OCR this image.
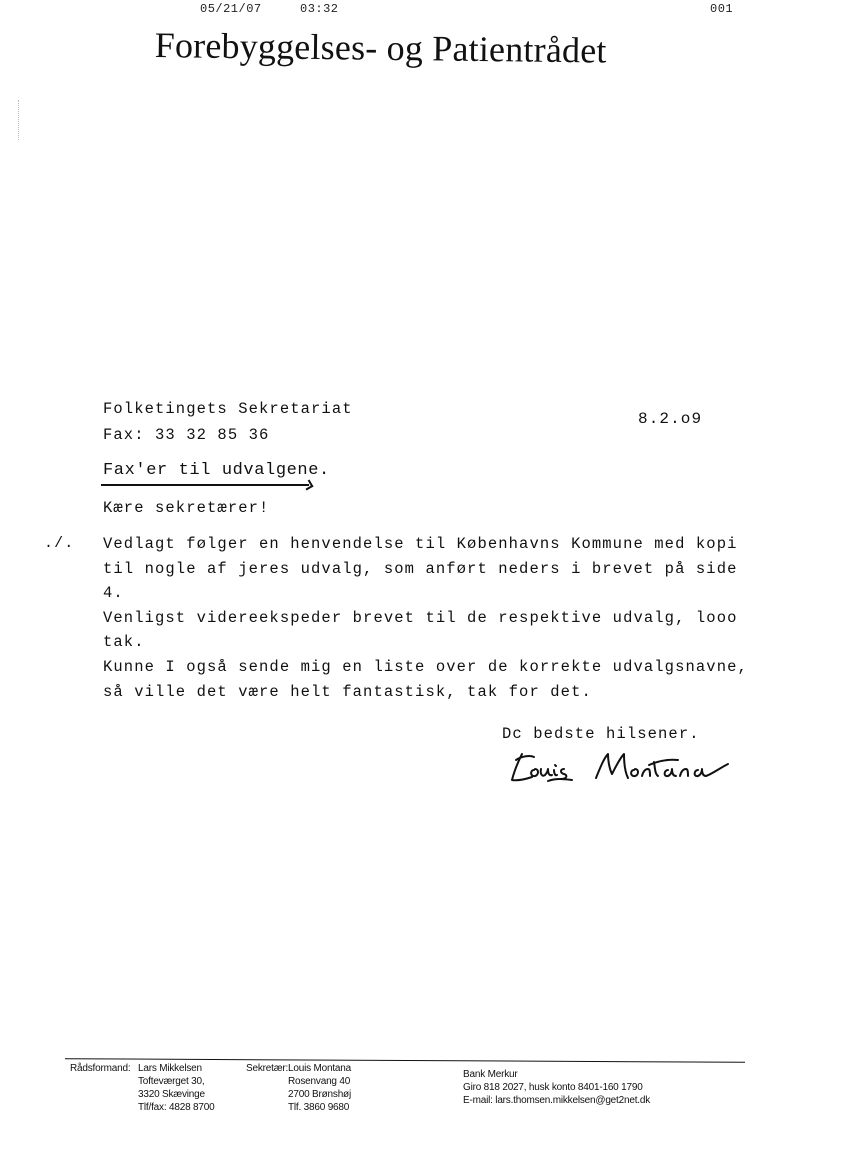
05/21/07	03:32	001
Forebyggelses- og Patientrådet
Folketingets Sekretariat
Fax: 33 32 85 36
8.2.o9
Fax'er til udvalgene.
Kære sekretærer!
./. Vedlagt følger en henvendelse til Københavns Kommune med kopi
til nogle af jeres udvalg, som anført neders i brevet på side
4.
Venligst videreekspeder brevet til de respektive udvalg, looo
tak.
Kunne I også sende mig en liste over de korrekte udvalgsnavne,
så ville det være helt fantastisk, tak for det.
Dc bedste hilsener.
Rådsformand: Lars Mikkelsen
Tofteværget 30,
3320 Skævinge
Tlf/fax: 4828 8700
Sekretær: Louis Montana
Rosenvang 40
2700 Brønshøj
Tlf. 3860 9680
Bank Merkur
Giro 818 2027, husk konto 8401-160 1790
E-mail: lars.thomsen.mikkelsen@get2net.dk
